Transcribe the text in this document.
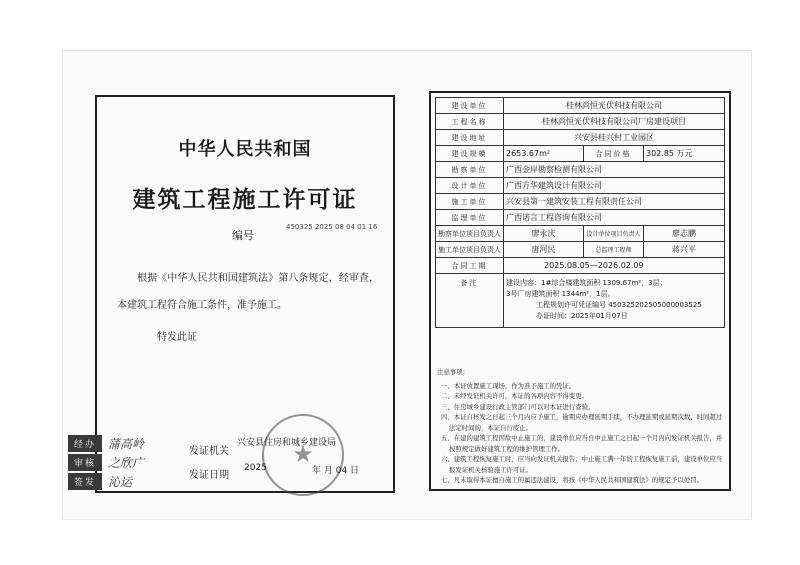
中华人民共和国
建筑工程施工许可证
编号
450325 2025 08 04 01 16
根据《中华人民共和国建筑法》第八条规定，经审查，本建筑工程符合施工条件，准予施工。
特发此证
★
发证机关
兴安县住房和城乡建设局
发证日期
2025	年 月 04 日
经办	蒲高岭
审核	之欣广
签发	沁运
建设单位	桂林尚恒光伏科技有限公司		
工程名称	桂林尚恒光伏科技有限公司厂房建设项目		
建设地址	兴安县桂兴村工业园区		
建设规模	2653.67m²	合同价格	302.85 万元
勘察单位	广西金岸勘察检测有限公司		
设计单位	广西方华建筑设计有限公司		
施工单位	兴安县第一建筑安装工程有限责任公司		
监理单位	广西诺言工程咨询有限公司		
勘察单位项目负责人	廖永庆	设计单位项目负责人	廖志鹏
施工单位项目负责人	唐河民	总监理工程师	蒋兴平
合同工期	2025.08.05—2026.02.09		
备注	建设内容：1#综合楼建筑面积 1309.67m²，3层；
3号厂房建筑面积 1344m²，1层。
工程规划许可凭证编号 450325202505000003525
办证时间：2025年01月07日		
注意事项：
一、本证放置施工现场，作为准予施工的凭证。
二、未经发证机关许可，本证的各项内容不得变更。
三、住房城乡建设行政主管部门可以对本证进行查验。
四、本证自核发之日起三个月内应予施工，逾期应办理延期手续，不办理延期或延期次数、时间超过法定时间的，本证自行废止。
五、在建的建筑工程因故中止施工的，建设单位应当自中止施工之日起一个月内向发证机关报告，并按照规定做好建筑工程的维护管理工作。
六、建筑工程恢复施工时，应当向发证机关报告；中止施工满一年的工程恢复施工前，建设单位应当报发证机关核验施工许可证。
七、凡未取得本证擅自施工的属违法建设，将按《中华人民共和国建筑法》的规定予以处罚。
